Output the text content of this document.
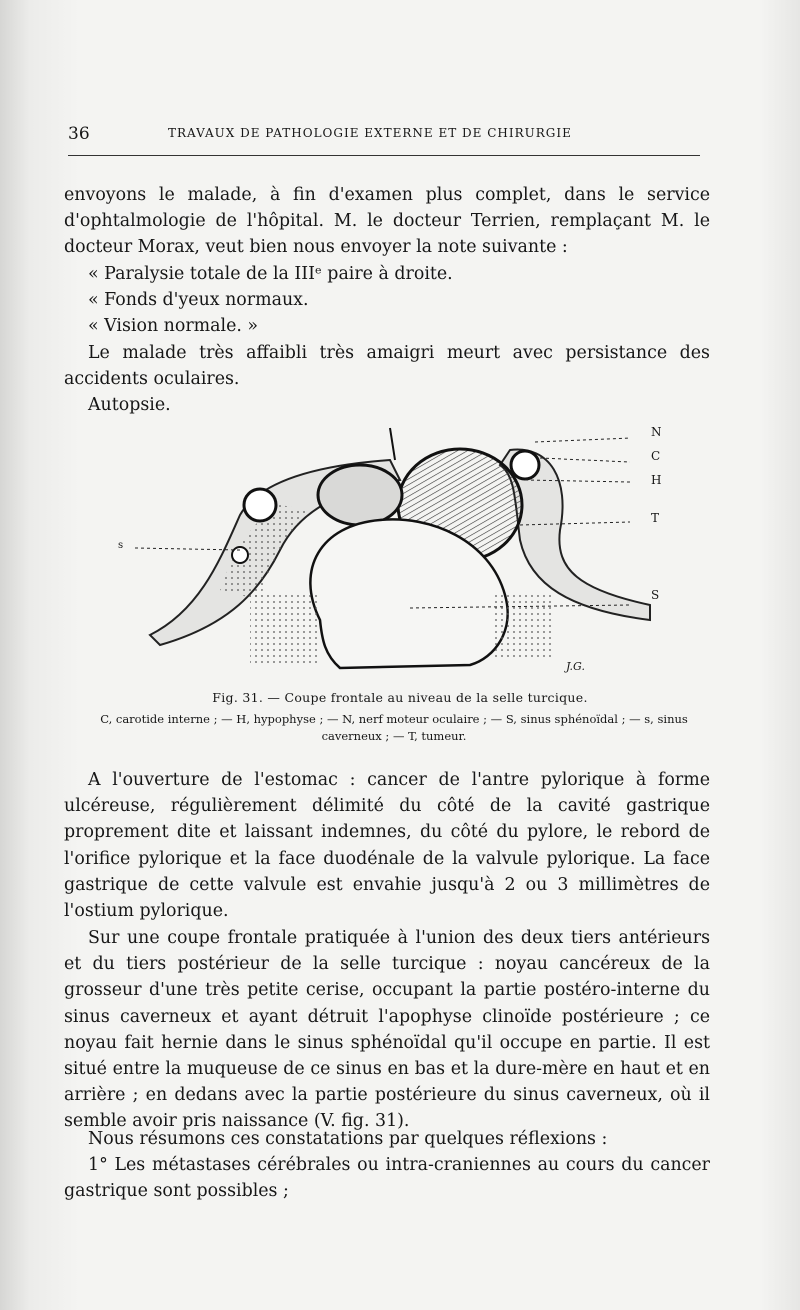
36	TRAVAUX DE PATHOLOGIE EXTERNE ET DE CHIRURGIE

envoyons le malade, à fin d'examen plus complet, dans le service d'ophtalmologie de l'hôpital. M. le docteur Terrien, remplaçant M. le docteur Morax, veut bien nous envoyer la note suivante :

« Paralysie totale de la IIIᵉ paire à droite.
« Fonds d'yeux normaux.
« Vision normale. »

Le malade très affaibli très amaigri meurt avec persistance des accidents oculaires.

Autopsie.
N
C
H
T
S
s
J.G.
Fig. 31. — Coupe frontale au niveau de la selle turcique.
C, carotide interne ; — H, hypophyse ; — N, nerf moteur oculaire ; — S, sinus sphénoïdal ; — s, sinus caverneux ; — T, tumeur.

A l'ouverture de l'estomac : cancer de l'antre pylorique à forme ulcéreuse, régulièrement délimité du côté de la cavité gastrique proprement dite et laissant indemnes, du côté du pylore, le rebord de l'orifice pylorique et la face duodénale de la valvule pylorique. La face gastrique de cette valvule est envahie jusqu'à 2 ou 3 millimètres de l'ostium pylorique.

Sur une coupe frontale pratiquée à l'union des deux tiers antérieurs et du tiers postérieur de la selle turcique : noyau cancéreux de la grosseur d'une très petite cerise, occupant la partie postéro-interne du sinus caverneux et ayant détruit l'apophyse clinoïde postérieure ; ce noyau fait hernie dans le sinus sphénoïdal qu'il occupe en partie. Il est situé entre la muqueuse de ce sinus en bas et la dure-mère en haut et en arrière ; en dedans avec la partie postérieure du sinus caverneux, où il semble avoir pris naissance (V. fig. 31).

Nous résumons ces constatations par quelques réflexions :

1° Les métastases cérébrales ou intra-craniennes au cours du cancer gastrique sont possibles ;
